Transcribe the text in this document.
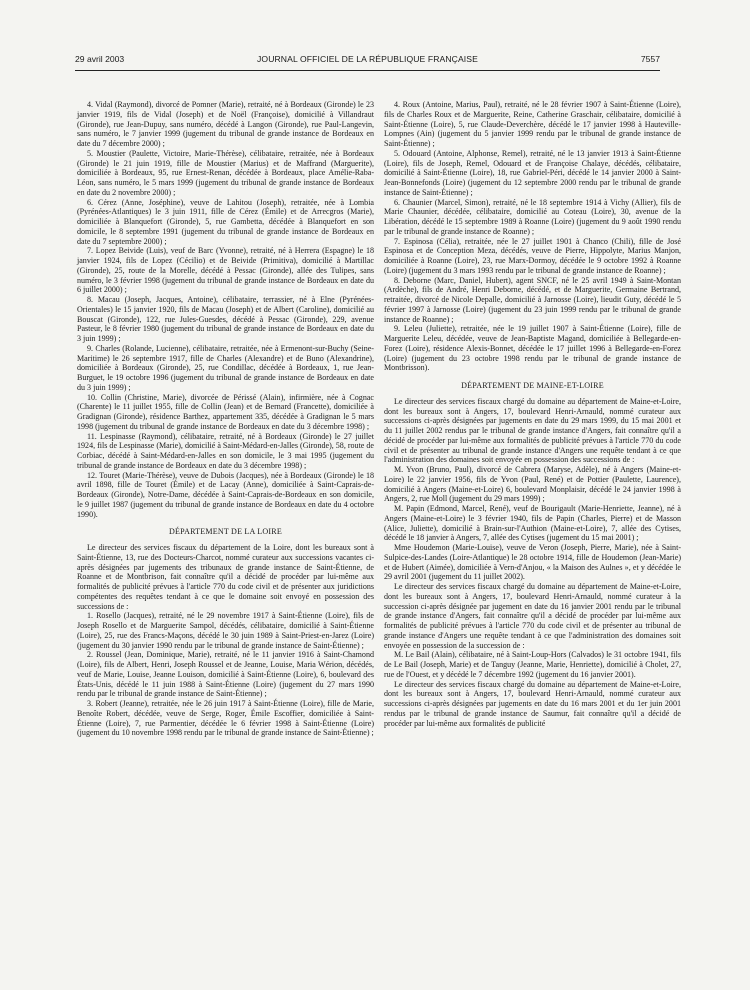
29 avril 2003	JOURNAL OFFICIEL DE LA RÉPUBLIQUE FRANÇAISE	7557

4. Vidal (Raymond), divorcé de Pomner (Marie), retraité, né à Bordeaux (Gironde) le 23 janvier 1919, fils de Vidal (Joseph) et de Noël (Françoise), domicilié à Villandraut (Gironde), rue Jean-Dupuy, sans numéro, décédé à Langon (Gironde), rue Paul-Langevin, sans numéro, le 7 janvier 1999 (jugement du tribunal de grande instance de Bordeaux en date du 7 décembre 2000) ;

5. Moustier (Paulette, Victoire, Marie-Thérèse), célibataire, retraitée, née à Bordeaux (Gironde) le 21 juin 1919, fille de Moustier (Marius) et de Maffrand (Marguerite), domiciliée à Bordeaux, 95, rue Ernest-Renan, décédée à Bordeaux, place Amélie-Raba-Léon, sans numéro, le 5 mars 1999 (jugement du tribunal de grande instance de Bordeaux en date du 2 novembre 2000) ;

6. Cérez (Anne, Joséphine), veuve de Lahitou (Joseph), retraitée, née à Lombia (Pyrénées-Atlantiques) le 3 juin 1911, fille de Cérez (Émile) et de Arrecgros (Marie), domiciliée à Blanquefort (Gironde), 5, rue Gambetta, décédée à Blanquefort en son domicile, le 8 septembre 1991 (jugement du tribunal de grande instance de Bordeaux en date du 7 septembre 2000) ;

7. Lopez Beivide (Luis), veuf de Barc (Yvonne), retraité, né à Herrera (Espagne) le 18 janvier 1924, fils de Lopez (Cécilio) et de Beivide (Primitiva), domicilié à Martillac (Gironde), 25, route de la Morelle, décédé à Pessac (Gironde), allée des Tulipes, sans numéro, le 3 février 1998 (jugement du tribunal de grande instance de Bordeaux en date du 6 juillet 2000) ;

8. Macau (Joseph, Jacques, Antoine), célibataire, terrassier, né à Elne (Pyrénées-Orientales) le 15 janvier 1920, fils de Macau (Joseph) et de Albert (Caroline), domicilié au Bouscat (Gironde), 122, rue Jules-Guesdes, décédé à Pessac (Gironde), 229, avenue Pasteur, le 8 février 1980 (jugement du tribunal de grande instance de Bordeaux en date du 3 juin 1999) ;

9. Charles (Rolande, Lucienne), célibataire, retraitée, née à Ermenont-sur-Buchy (Seine-Maritime) le 26 septembre 1917, fille de Charles (Alexandre) et de Buno (Alexandrine), domiciliée à Bordeaux (Gironde), 25, rue Condillac, décédée à Bordeaux, 1, rue Jean-Burguet, le 19 octobre 1996 (jugement du tribunal de grande instance de Bordeaux en date du 3 juin 1999) ;

10. Collin (Christine, Marie), divorcée de Périssé (Alain), infirmière, née à Cognac (Charente) le 11 juillet 1955, fille de Collin (Jean) et de Bernard (Francette), domiciliée à Gradignan (Gironde), résidence Barthez, appartement 335, décédée à Gradignan le 5 mars 1998 (jugement du tribunal de grande instance de Bordeaux en date du 3 décembre 1998) ;

11. Lespinasse (Raymond), célibataire, retraité, né à Bordeaux (Gironde) le 27 juillet 1924, fils de Lespinasse (Marie), domicilié à Saint-Médard-en-Jalles (Gironde), 58, route de Corbiac, décédé à Saint-Médard-en-Jalles en son domicile, le 3 mai 1995 (jugement du tribunal de grande instance de Bordeaux en date du 3 décembre 1998) ;

12. Touret (Marie-Thérèse), veuve de Dubois (Jacques), née à Bordeaux (Gironde) le 18 avril 1898, fille de Touret (Émile) et de Lacay (Anne), domiciliée à Saint-Caprais-de-Bordeaux (Gironde), Notre-Dame, décédée à Saint-Caprais-de-Bordeaux en son domicile, le 9 juillet 1987 (jugement du tribunal de grande instance de Bordeaux en date du 4 octobre 1990).

DÉPARTEMENT DE LA LOIRE

Le directeur des services fiscaux du département de la Loire, dont les bureaux sont à Saint-Étienne, 13, rue des Docteurs-Charcot, nommé curateur aux successions vacantes ci-après désignées par jugements des tribunaux de grande instance de Saint-Étienne, de Roanne et de Montbrison, fait connaître qu'il a décidé de procéder par lui-même aux formalités de publicité prévues à l'article 770 du code civil et de présenter aux juridictions compétentes des requêtes tendant à ce que le domaine soit envoyé en possession des successions de :

1. Rosello (Jacques), retraité, né le 29 novembre 1917 à Saint-Étienne (Loire), fils de Joseph Rosello et de Marguerite Sampol, décédés, célibataire, domicilié à Saint-Étienne (Loire), 25, rue des Francs-Maçons, décédé le 30 juin 1989 à Saint-Priest-en-Jarez (Loire) (jugement du 30 janvier 1990 rendu par le tribunal de grande instance de Saint-Étienne) ;

2. Roussel (Jean, Dominique, Marie), retraité, né le 11 janvier 1916 à Saint-Chamond (Loire), fils de Albert, Henri, Joseph Roussel et de Jeanne, Louise, Maria Wérion, décédés, veuf de Marie, Louise, Jeanne Louison, domicilié à Saint-Étienne (Loire), 6, boulevard des États-Unis, décédé le 11 juin 1988 à Saint-Étienne (Loire) (jugement du 27 mars 1990 rendu par le tribunal de grande instance de Saint-Étienne) ;

3. Robert (Jeanne), retraitée, née le 26 juin 1917 à Saint-Étienne (Loire), fille de Marie, Benoîte Robert, décédée, veuve de Serge, Roger, Émile Escoffier, domiciliée à Saint-Étienne (Loire), 7, rue Parmentier, décédée le 6 février 1998 à Saint-Étienne (Loire) (jugement du 10 novembre 1998 rendu par le tribunal de grande instance de Saint-Étienne) ;

4. Roux (Antoine, Marius, Paul), retraité, né le 28 février 1907 à Saint-Étienne (Loire), fils de Charles Roux et de Marguerite, Reine, Catherine Graschair, célibataire, domicilié à Saint-Étienne (Loire), 5, rue Claude-Deverchère, décédé le 17 janvier 1998 à Hauteville-Lompnes (Ain) (jugement du 5 janvier 1999 rendu par le tribunal de grande instance de Saint-Étienne) ;

5. Odouard (Antoine, Alphonse, Remel), retraité, né le 13 janvier 1913 à Saint-Étienne (Loire), fils de Joseph, Remel, Odouard et de Françoise Chalaye, décédés, célibataire, domicilié à Saint-Étienne (Loire), 18, rue Gabriel-Péri, décédé le 14 janvier 2000 à Saint-Jean-Bonnefonds (Loire) (jugement du 12 septembre 2000 rendu par le tribunal de grande instance de Saint-Étienne) ;

6. Chaunier (Marcel, Simon), retraité, né le 18 septembre 1914 à Vichy (Allier), fils de Marie Chaunier, décédée, célibataire, domicilié au Coteau (Loire), 30, avenue de la Libération, décédé le 15 septembre 1989 à Roanne (Loire) (jugement du 9 août 1990 rendu par le tribunal de grande instance de Roanne) ;

7. Espinosa (Célia), retraitée, née le 27 juillet 1901 à Chanco (Chili), fille de José Espinosa et de Conception Meza, décédés, veuve de Pierre, Hippolyte, Marius Manjon, domiciliée à Roanne (Loire), 23, rue Marx-Dormoy, décédée le 9 octobre 1992 à Roanne (Loire) (jugement du 3 mars 1993 rendu par le tribunal de grande instance de Roanne) ;

8. Deborne (Marc, Daniel, Hubert), agent SNCF, né le 25 avril 1949 à Saint-Montan (Ardèche), fils de André, Henri Deborne, décédé, et de Marguerite, Germaine Bertrand, retraitée, divorcé de Nicole Depalle, domicilié à Jarnosse (Loire), lieudit Guty, décédé le 5 février 1997 à Jarnosse (Loire) (jugement du 23 juin 1999 rendu par le tribunal de grande instance de Roanne) ;

9. Leleu (Juliette), retraitée, née le 19 juillet 1907 à Saint-Étienne (Loire), fille de Marguerite Leleu, décédée, veuve de Jean-Baptiste Magand, domiciliée à Bellegarde-en-Forez (Loire), résidence Alexis-Bonnet, décédée le 17 juillet 1996 à Bellegarde-en-Forez (Loire) (jugement du 23 octobre 1998 rendu par le tribunal de grande instance de Montbrisson).

DÉPARTEMENT DE MAINE-ET-LOIRE

Le directeur des services fiscaux chargé du domaine au département de Maine-et-Loire, dont les bureaux sont à Angers, 17, boulevard Henri-Arnauld, nommé curateur aux successions ci-après désignées par jugements en date du 29 mars 1999, du 15 mai 2001 et du 11 juillet 2002 rendus par le tribunal de grande instance d'Angers, fait connaître qu'il a décidé de procéder par lui-même aux formalités de publicité prévues à l'article 770 du code civil et de présenter au tribunal de grande instance d'Angers une requête tendant à ce que l'administration des domaines soit envoyée en possession des successions de :

M. Yvon (Bruno, Paul), divorcé de Cabrera (Maryse, Adèle), né à Angers (Maine-et-Loire) le 22 janvier 1956, fils de Yvon (Paul, René) et de Pottier (Paulette, Laurence), domicilié à Angers (Maine-et-Loire) 6, boulevard Monplaisir, décédé le 24 janvier 1998 à Angers, 2, rue Moll (jugement du 29 mars 1999) ;

M. Papin (Edmond, Marcel, René), veuf de Bourigault (Marie-Henriette, Jeanne), né à Angers (Maine-et-Loire) le 3 février 1940, fils de Papin (Charles, Pierre) et de Masson (Alice, Juliette), domicilié à Brain-sur-l'Authion (Maine-et-Loire), 7, allée des Cytises, décédé le 18 janvier à Angers, 7, allée des Cytises (jugement du 15 mai 2001) ;

Mme Houdemon (Marie-Louise), veuve de Veron (Joseph, Pierre, Marie), née à Saint-Sulpice-des-Landes (Loire-Atlantique) le 28 octobre 1914, fille de Houdemon (Jean-Marie) et de Hubert (Aimée), domiciliée à Vern-d'Anjou, « la Maison des Aulnes », et y décédée le 29 avril 2001 (jugement du 11 juillet 2002).

Le directeur des services fiscaux chargé du domaine au département de Maine-et-Loire, dont les bureaux sont à Angers, 17, boulevard Henri-Arnauld, nommé curateur à la succession ci-après désignée par jugement en date du 16 janvier 2001 rendu par le tribunal de grande instance d'Angers, fait connaître qu'il a décidé de procéder par lui-même aux formalités de publicité prévues à l'article 770 du code civil et de présenter au tribunal de grande instance d'Angers une requête tendant à ce que l'administration des domaines soit envoyée en possession de la succession de :

M. Le Bail (Alain), célibataire, né à Saint-Loup-Hors (Calvados) le 31 octobre 1941, fils de Le Bail (Joseph, Marie) et de Tanguy (Jeanne, Marie, Henriette), domicilié à Cholet, 27, rue de l'Ouest, et y décédé le 7 décembre 1992 (jugement du 16 janvier 2001).

Le directeur des services fiscaux chargé du domaine au département de Maine-et-Loire, dont les bureaux sont à Angers, 17, boulevard Henri-Arnauld, nommé curateur aux successions ci-après désignées par jugements en date du 16 mars 2001 et du 1er juin 2001 rendus par le tribunal de grande instance de Saumur, fait connaître qu'il a décidé de procéder par lui-même aux formalités de publicité
